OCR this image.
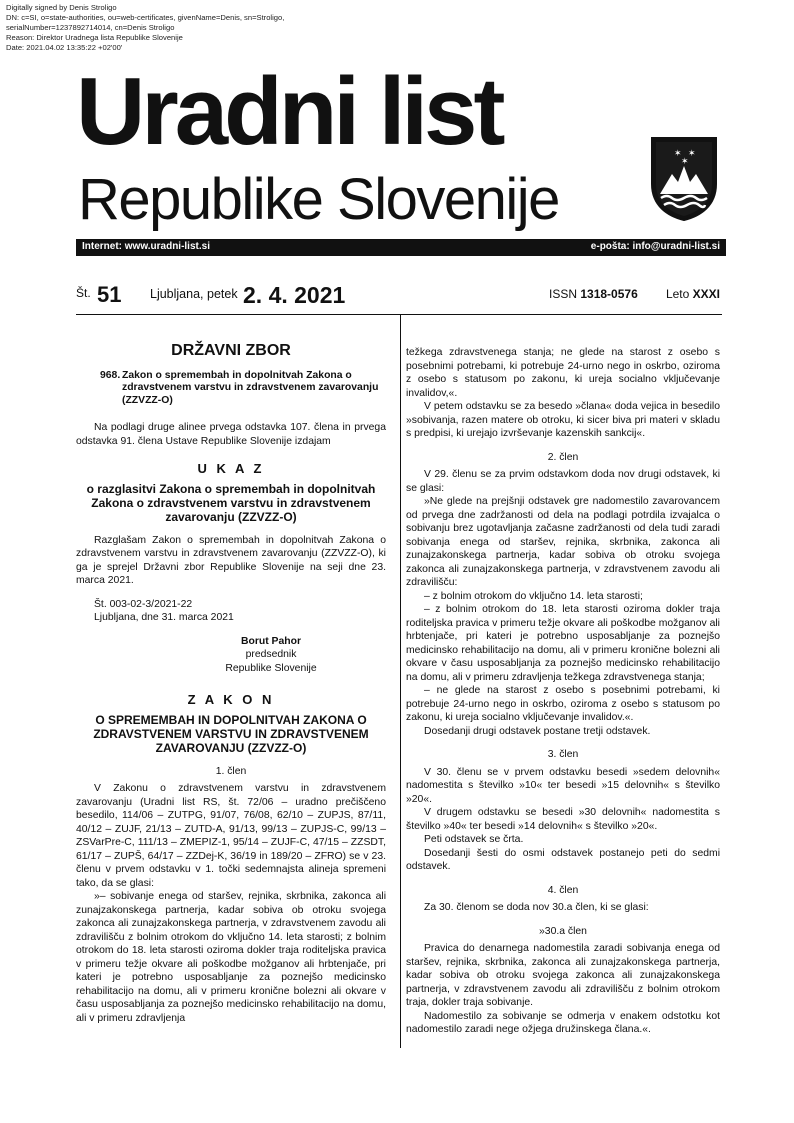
Digitally signed by Denis Stroligo
DN: c=SI, o=state-authorities, ou=web-certificates, givenName=Denis, sn=Stroligo,
serialNumber=1237892714014, cn=Denis Stroligo
Reason: Direktor Uradnega lista Republike Slovenije
Date: 2021.04.02 13:35:22 +02'00'
Uradni list
Republike Slovenije
✶ ✶
✶
Internet: www.uradni-list.si	e-pošta: info@uradni-list.si
Št. 51 Ljubljana, petek 2. 4. 2021	ISSN 1318-0576 Leto XXXI
DRŽAVNI ZBOR
968. Zakon o spremembah in dopolnitvah Zakona o zdravstvenem varstvu in zdravstvenem zavarovanju (ZZVZZ-O)

Na podlagi druge alinee prvega odstavka 107. člena in prvega odstavka 91. člena Ustave Republike Slovenije izdajam

U K A Z
o razglasitvi Zakona o spremembah in dopolnitvah Zakona o zdravstvenem varstvu in zdravstvenem zavarovanju (ZZVZZ-O)

Razglašam Zakon o spremembah in dopolnitvah Zakona o zdravstvenem varstvu in zdravstvenem zavarovanju (ZZVZZ-O), ki ga je sprejel Državni zbor Republike Slovenije na seji dne 23. marca 2021.

Št. 003-02-3/2021-22

Ljubljana, dne 31. marca 2021

Borut Pahor

predsednik

Republike Slovenije

Z A K O N
O SPREMEMBAH IN DOPOLNITVAH ZAKONA O ZDRAVSTVENEM VARSTVU IN ZDRAVSTVENEM ZAVAROVANJU (ZZVZZ-O)

1. člen

V Zakonu o zdravstvenem varstvu in zdravstvenem zavarovanju (Uradni list RS, št. 72/06 – uradno prečiščeno besedilo, 114/06 – ZUTPG, 91/07, 76/08, 62/10 – ZUPJS, 87/11, 40/12 – ZUJF, 21/13 – ZUTD-A, 91/13, 99/13 – ZUPJS-C, 99/13 – ZSVarPre-C, 111/13 – ZMEPIZ-1, 95/14 – ZUJF-C, 47/15 – ZZSDT, 61/17 – ZUPŠ, 64/17 – ZZDej-K, 36/19 in 189/20 – ZFRO) se v 23. členu v prvem odstavku v 1. točki sedemnajsta alineja spremeni tako, da se glasi:

»– sobivanje enega od staršev, rejnika, skrbnika, zakonca ali zunajzakonskega partnerja, kadar sobiva ob otroku svojega zakonca ali zunajzakonskega partnerja, v zdravstvenem zavodu ali zdravilišču z bolnim otrokom do vključno 14. leta starosti; z bolnim otrokom do 18. leta starosti oziroma dokler traja roditeljska pravica v primeru težje okvare ali poškodbe možganov ali hrbtenjače, pri kateri je potrebno usposabljanje za poznejšo medicinsko rehabilitacijo na domu, ali v primeru kronične bolezni ali okvare v času usposabljanja za poznejšo medicinsko rehabilitacijo na domu, ali v primeru zdravljenja

težkega zdravstvenega stanja; ne glede na starost z osebo s posebnimi potrebami, ki potrebuje 24-urno nego in oskrbo, oziroma z osebo s statusom po zakonu, ki ureja socialno vključevanje invalidov,«.

V petem odstavku se za besedo »člana« doda vejica in besedilo »sobivanja, razen matere ob otroku, ki sicer biva pri materi v skladu s predpisi, ki urejajo izvrševanje kazenskih sankcij«.

2. člen

V 29. členu se za prvim odstavkom doda nov drugi odstavek, ki se glasi:

»Ne glede na prejšnji odstavek gre nadomestilo zavarovancem od prvega dne zadržanosti od dela na podlagi potrdila izvajalca o sobivanju brez ugotavljanja začasne zadržanosti od dela tudi zaradi sobivanja enega od staršev, rejnika, skrbnika, zakonca ali zunajzakonskega partnerja, kadar sobiva ob otroku svojega zakonca ali zunajzakonskega partnerja, v zdravstvenem zavodu ali zdravilišču:

– z bolnim otrokom do vključno 14. leta starosti;

– z bolnim otrokom do 18. leta starosti oziroma dokler traja roditeljska pravica v primeru težje okvare ali poškodbe možganov ali hrbtenjače, pri kateri je potrebno usposabljanje za poznejšo medicinsko rehabilitacijo na domu, ali v primeru kronične bolezni ali okvare v času usposabljanja za poznejšo medicinsko rehabilitacijo na domu, ali v primeru zdravljenja težkega zdravstvenega stanja;

– ne glede na starost z osebo s posebnimi potrebami, ki potrebuje 24-urno nego in oskrbo, oziroma z osebo s statusom po zakonu, ki ureja socialno vključevanje invalidov.«.

Dosedanji drugi odstavek postane tretji odstavek.

3. člen

V 30. členu se v prvem odstavku besedi »sedem delovnih« nadomestita s številko »10« ter besedi »15 delovnih« s številko »20«.

V drugem odstavku se besedi »30 delovnih« nadomestita s številko »40« ter besedi »14 delovnih« s številko »20«.

Peti odstavek se črta.

Dosedanji šesti do osmi odstavek postanejo peti do sedmi odstavek.

4. člen

Za 30. členom se doda nov 30.a člen, ki se glasi:

»30.a člen

Pravica do denarnega nadomestila zaradi sobivanja enega od staršev, rejnika, skrbnika, zakonca ali zunajzakonskega partnerja, kadar sobiva ob otroku svojega zakonca ali zunajzakonskega partnerja, v zdravstvenem zavodu ali zdravilišču z bolnim otrokom traja, dokler traja sobivanje.

Nadomestilo za sobivanje se odmerja v enakem odstotku kot nadomestilo zaradi nege ožjega družinskega člana.«.
